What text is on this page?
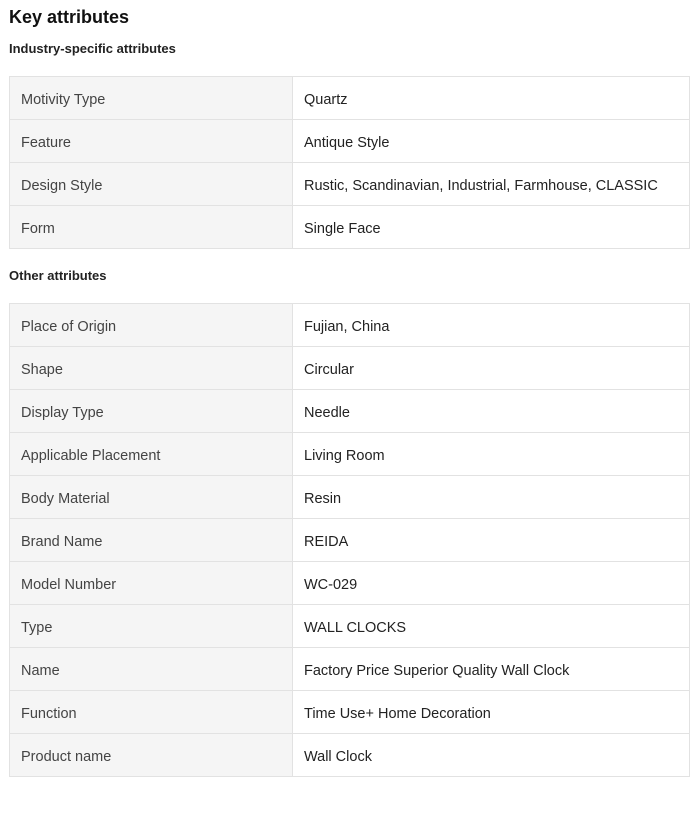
Key attributes
Industry-specific attributes
Motivity Type	Quartz
Feature	Antique Style
Design Style	Rustic, Scandinavian, Industrial, Farmhouse, CLASSIC
Form	Single Face
Other attributes
Place of Origin	Fujian, China
Shape	Circular
Display Type	Needle
Applicable Placement	Living Room
Body Material	Resin
Brand Name	REIDA
Model Number	WC-029
Type	WALL CLOCKS
Name	Factory Price Superior Quality Wall Clock
Function	Time Use+ Home Decoration
Product name	Wall Clock
